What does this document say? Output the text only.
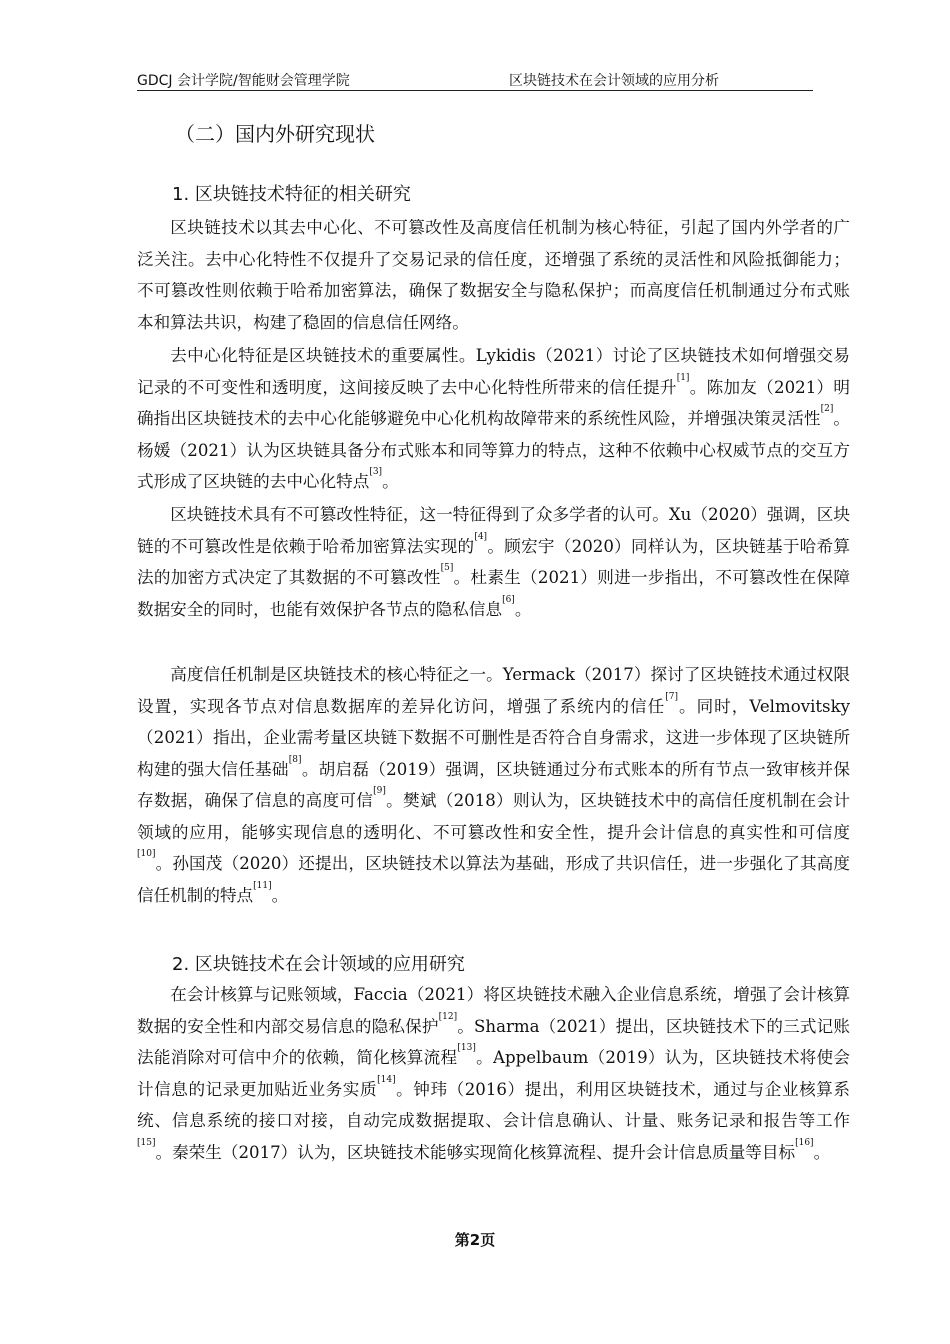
GDCJ 会计学院/智能财会管理学院	区块链技术在会计领域的应用分析
（二）国内外研究现状
1. 区块链技术特征的相关研究

区块链技术以其去中心化、不可篡改性及高度信任机制为核心特征，引起了国内外学者的广泛关注。去中心化特性不仅提升了交易记录的信任度，还增强了系统的灵活性和风险抵御能力；不可篡改性则依赖于哈希加密算法，确保了数据安全与隐私保护；而高度信任机制通过分布式账本和算法共识，构建了稳固的信息信任网络。

去中心化特征是区块链技术的重要属性。Lykidis（2021）讨论了区块链技术如何增强交易记录的不可变性和透明度，这间接反映了去中心化特性所带来的信任提升[1]。陈加友（2021）明确指出区块链技术的去中心化能够避免中心化机构故障带来的系统性风险，并增强决策灵活性[2]。杨媛（2021）认为区块链具备分布式账本和同等算力的特点，这种不依赖中心权威节点的交互方式形成了区块链的去中心化特点[3]。

区块链技术具有不可篡改性特征，这一特征得到了众多学者的认可。Xu（2020）强调，区块链的不可篡改性是依赖于哈希加密算法实现的[4]。顾宏宇（2020）同样认为，区块链基于哈希算法的加密方式决定了其数据的不可篡改性[5]。杜素生（2021）则进一步指出，不可篡改性在保障数据安全的同时，也能有效保护各节点的隐私信息[6]。

高度信任机制是区块链技术的核心特征之一。Yermack（2017）探讨了区块链技术通过权限设置，实现各节点对信息数据库的差异化访问，增强了系统内的信任[7]。同时，Velmovitsky（2021）指出，企业需考量区块链下数据不可删性是否符合自身需求，这进一步体现了区块链所构建的强大信任基础[8]。胡启磊（2019）强调，区块链通过分布式账本的所有节点一致审核并保存数据，确保了信息的高度可信[9]。樊斌（2018）则认为，区块链技术中的高信任度机制在会计领域的应用，能够实现信息的透明化、不可篡改性和安全性，提升会计信息的真实性和可信度[10]。孙国茂（2020）还提出，区块链技术以算法为基础，形成了共识信任，进一步强化了其高度信任机制的特点[11]。

2. 区块链技术在会计领域的应用研究

在会计核算与记账领域，Faccia（2021）将区块链技术融入企业信息系统，增强了会计核算数据的安全性和内部交易信息的隐私保护[12]。Sharma（2021）提出，区块链技术下的三式记账法能消除对可信中介的依赖，简化核算流程[13]。Appelbaum（2019）认为，区块链技术将使会计信息的记录更加贴近业务实质[14]。钟玮（2016）提出，利用区块链技术，通过与企业核算系统、信息系统的接口对接，自动完成数据提取、会计信息确认、计量、账务记录和报告等工作[15]。秦荣生（2017）认为，区块链技术能够实现简化核算流程、提升会计信息质量等目标[16]。

第2页
